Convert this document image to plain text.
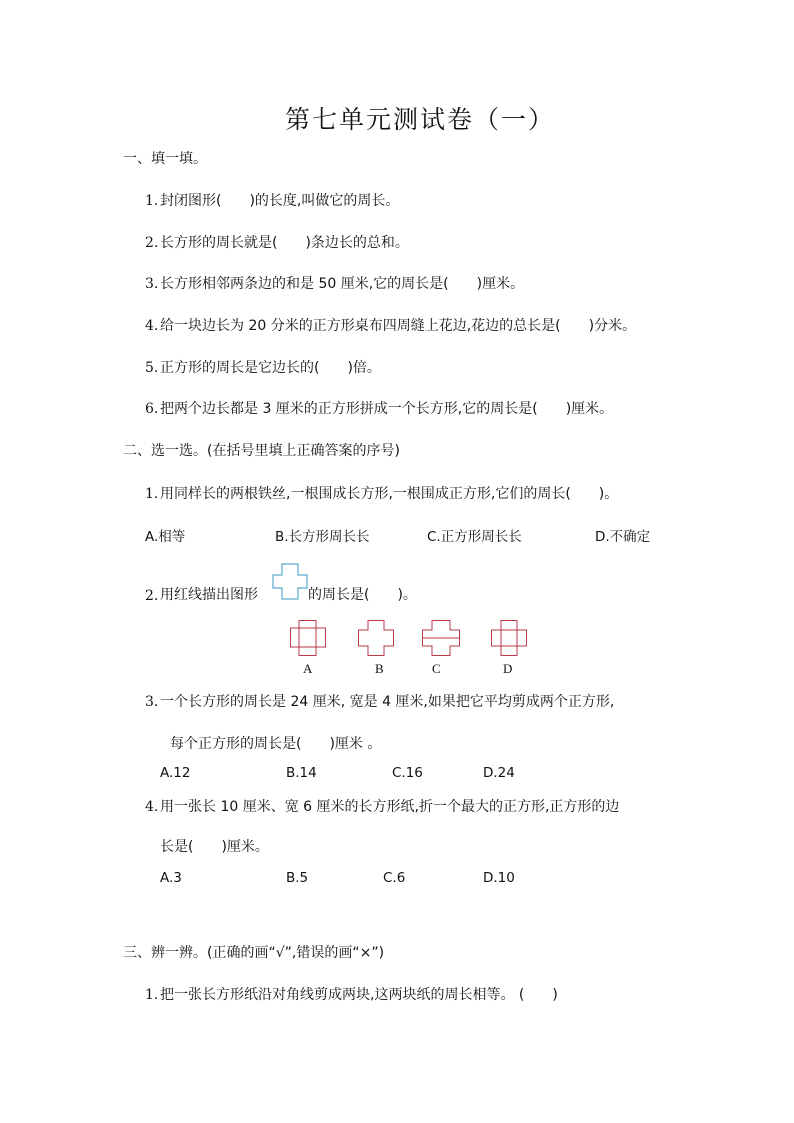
第七单元测试卷（一）
一、填一填。
1. 封闭图形(　　)的长度,叫做它的周长。
2. 长方形的周长就是(　　)条边长的总和。
3. 长方形相邻两条边的和是 50 厘米,它的周长是(　　)厘米。
4. 给一块边长为 20 分米的正方形桌布四周缝上花边,花边的总长是(　　)分米。
5. 正方形的周长是它边长的(　　)倍。
6. 把两个边长都是 3 厘米的正方形拼成一个长方形,它的周长是(　　)厘米。
二、选一选。(在括号里填上正确答案的序号)
1. 用同样长的两根铁丝,一根围成长方形,一根围成正方形,它们的周长(　　)。
A.相等	B.长方形周长长	C.正方形周长长	D.不确定
2. 用红线描出图形	的周长是(　　)。
A	B	C	D
3. 一个长方形的周长是 24 厘米, 宽是 4 厘米,如果把它平均剪成两个正方形,
每个正方形的周长是(　　)厘米 。
A.12	B.14	C.16	D.24
4. 用一张长 10 厘米、宽 6 厘米的长方形纸,折一个最大的正方形,正方形的边
长是(　　)厘米。
A.3	B.5	C.6	D.10
三、辨一辨。(正确的画“√”,错误的画“×”)
1. 把一张长方形纸沿对角线剪成两块,这两块纸的周长相等。 (　　)
